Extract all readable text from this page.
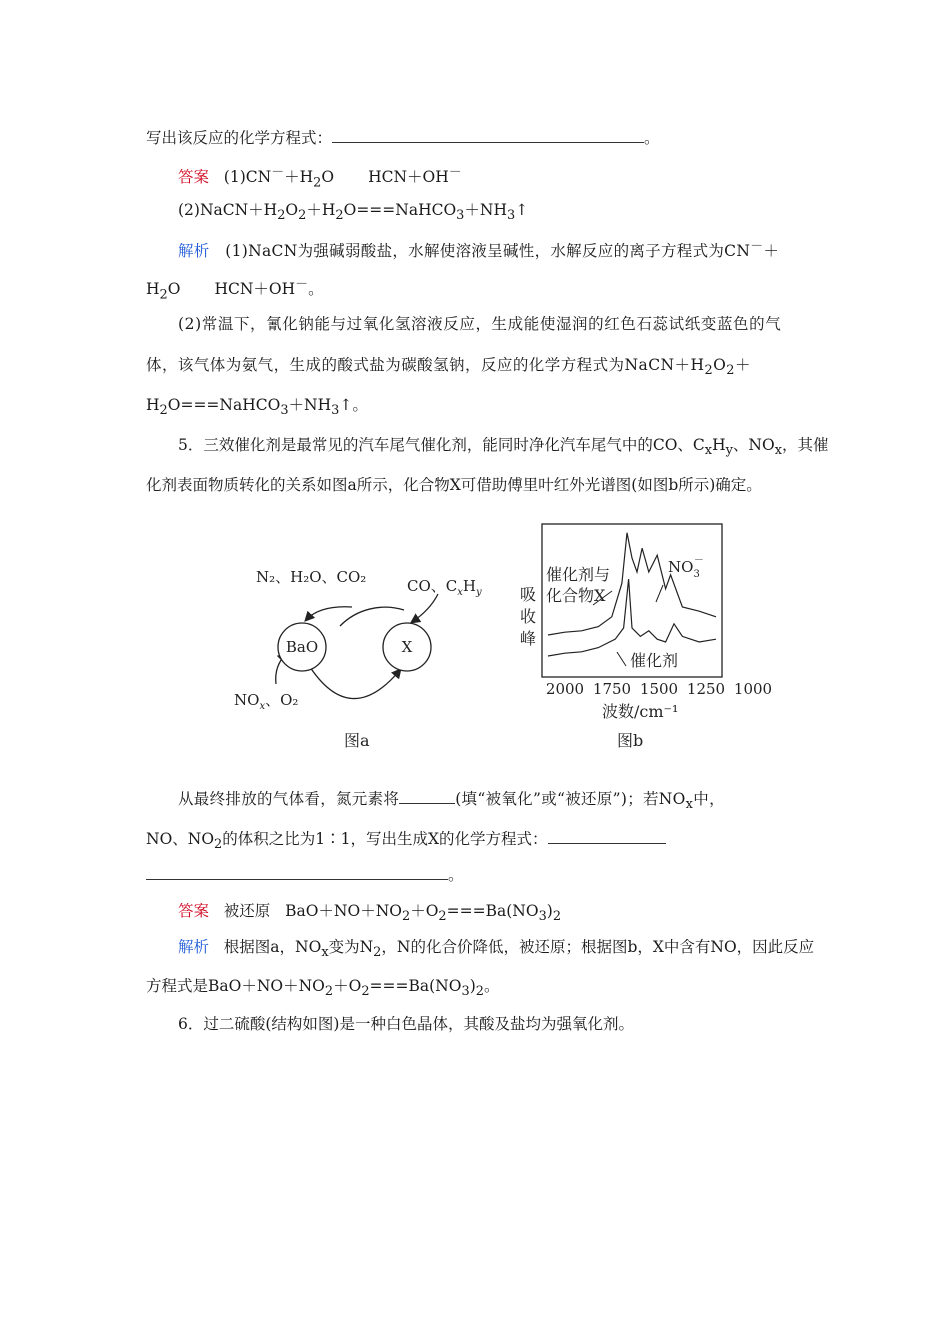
写出该反应的化学方程式：	。
答案 $(1)CN^-+H_2O$ HCN＋OH－
$(2)NaCN+H_2O_2+H_2O===NaHCO_3+NH_3↑$
解析 (1)NaCN为强碱弱酸盐，水解使溶液呈碱性，水解反应的离子方程式为CN－＋
$H_2O$ HCN＋OH－。
(2)常温下，氰化钠能与过氧化氢溶液反应，生成能使湿润的红色石蕊试纸变蓝色的气
体，该气体为氨气，生成的酸式盐为碳酸氢钠，反应的化学方程式为$NaCN+H_2O_2+$
$H_2O===NaHCO_3+NH_3↑$。
5．三效催化剂是最常见的汽车尾气催化剂，能同时净化汽车尾气中的CO、$C_xH_y$、$NO_x$，其催
化剂表面物质转化的关系如图a所示，化合物X可借助傅里叶红外光谱图(如图b所示)确定。
N₂、H₂O、CO₂	CO、$C_xH_y$
BaO	X
$NO_x$、O₂
图a
吸收峰
催化剂与
化合物X
$NO_3-$
催化剂
2000 1750 1500 1250 1000
波数/cm⁻¹
图b
从最终排放的气体看，氮元素将	(填“被氧化”或“被还原”)；若$NO_x$中，
NO、$NO_2$的体积之比为1∶1，写出生成X的化学方程式：
。
答案 被还原 $BaO+NO+NO_2+O_2===Ba(NO_3)_2$
解析 根据图a，$NO_x$变为$N_2$，N的化合价降低，被还原；根据图b，X中含有NO，因此反应
方程式是$BaO+NO+NO_2+O_2===Ba(NO_3)_2$。
6．过二硫酸(结构如图)是一种白色晶体，其酸及盐均为强氧化剂。
